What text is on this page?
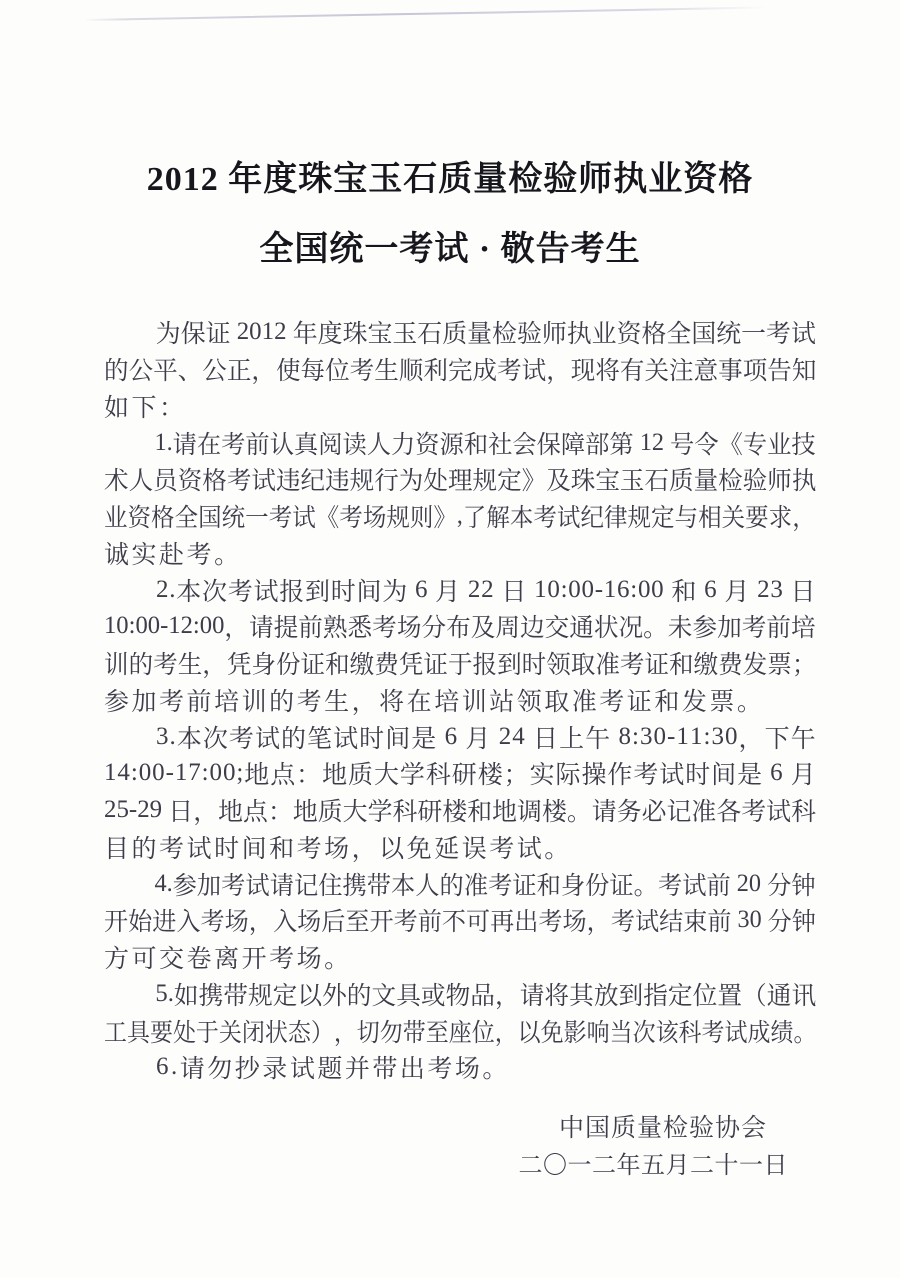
2012 年度珠宝玉石质量检验师执业资格
全国统一考试 · 敬告考生
为 保 证
2 0 1 2
年 度 珠 宝 玉 石 质 量 检 验 师 执 业 资 格 全 国 统 一 考 试
的 公 平 、 公 正 ， 使 每 位 考 生 顺 利 完 成 考 试 ， 现 将 有 关 注 意 事 项 告 知
如 下 ：
1 . 请 在 考 前 认 真 阅 读 人 力 资 源 和 社 会 保 障 部 第
1 2
号 令 《 专 业 技
术 人 员 资 格 考 试 违 纪 违 规 行 为 处 理 规 定 》 及 珠 宝 玉 石 质 量 检 验 师 执
业 资 格 全 国 统 一 考 试 《 考 场 规 则 》 , 了 解 本 考 试 纪 律 规 定 与 相 关 要 求 ，
诚 实 赴 考 。
2 . 本 次 考 试 报 到 时 间 为
6
月
2 2
日
1 0 : 0 0 - 1 6 : 0 0
和
6
月
2 3
日
1 0 : 0 0 - 1 2 : 0 0 ， 请 提 前 熟 悉 考 场 分 布 及 周 边 交 通 状 况 。 未 参 加 考 前 培
训 的 考 生 ， 凭 身 份 证 和 缴 费 凭 证 于 报 到 时 领 取 准 考 证 和 缴 费 发 票 ；
参 加 考 前 培 训 的 考 生 ， 将 在 培 训 站 领 取 准 考 证 和 发 票 。
3 . 本 次 考 试 的 笔 试 时 间 是
6
月
2 4
日 上 午
8 : 3 0 - 1 1 : 3 0 ， 下 午
1 4 : 0 0 - 1 7 : 0 0 ; 地 点 ： 地 质 大 学 科 研 楼 ； 实 际 操 作 考 试 时 间 是
6
月
2 5 - 2 9
日 ， 地 点 ： 地 质 大 学 科 研 楼 和 地 调 楼 。 请 务 必 记 准 各 考 试 科
目 的 考 试 时 间 和 考 场 ， 以 免 延 误 考 试 。
4 . 参 加 考 试 请 记 住 携 带 本 人 的 准 考 证 和 身 份 证 。 考 试 前
2 0
分 钟
开 始 进 入 考 场 ， 入 场 后 至 开 考 前 不 可 再 出 考 场 ， 考 试 结 束 前
3 0
分 钟
方 可 交 卷 离 开 考 场 。
5 . 如 携 带 规 定 以 外 的 文 具 或 物 品 ， 请 将 其 放 到 指 定 位 置 （ 通 讯
工 具 要 处 于 关 闭 状 态 ） ， 切 勿 带 至 座 位 ， 以 免 影 响 当 次 该 科 考 试 成 绩 。
6 . 请 勿 抄 录 试 题 并 带 出 考 场 。
中国质量检验协会
二〇一二年五月二十一日
